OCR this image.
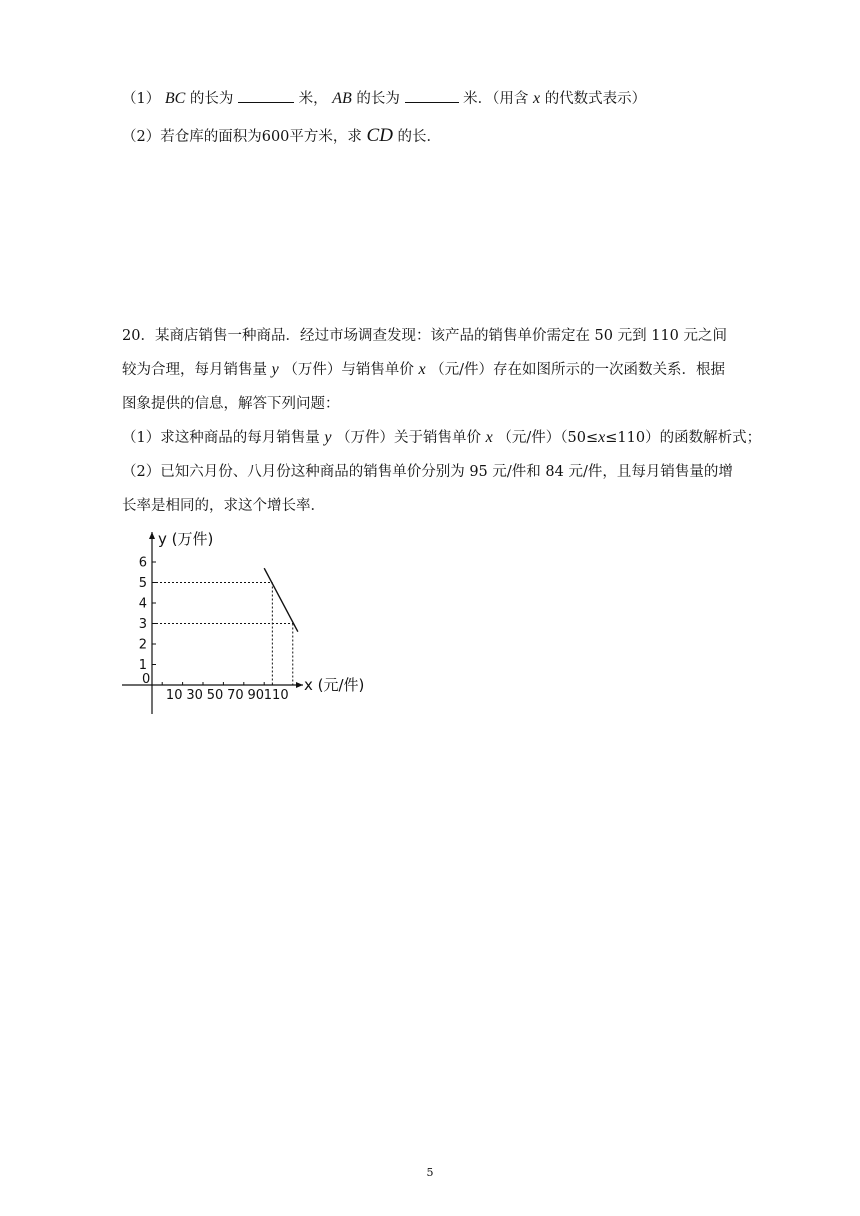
（1） BC 的长为	米， AB 的长为	米．（用含 x 的代数式表示）
（2）若仓库的面积为600平方米，求 CD 的长．
20．某商店销售一种商品．经过市场调查发现：该产品的销售单价需定在 50 元到 110 元之间
较为合理，每月销售量 y （万件）与销售单价 x （元/件）存在如图所示的一次函数关系．根据
图象提供的信息，解答下列问题：
（1）求这种商品的每月销售量 y （万件）关于销售单价 x （元/件）（50≤x≤110）的函数解析式；
（2）已知六月份、八月份这种商品的销售单价分别为 95 元/件和 84 元/件，且每月销售量的增
长率是相同的，求这个增长率．
1
2
3
4
5
6
10 30 50 70 90 110
0
y (万件)
x (元/件)
5
